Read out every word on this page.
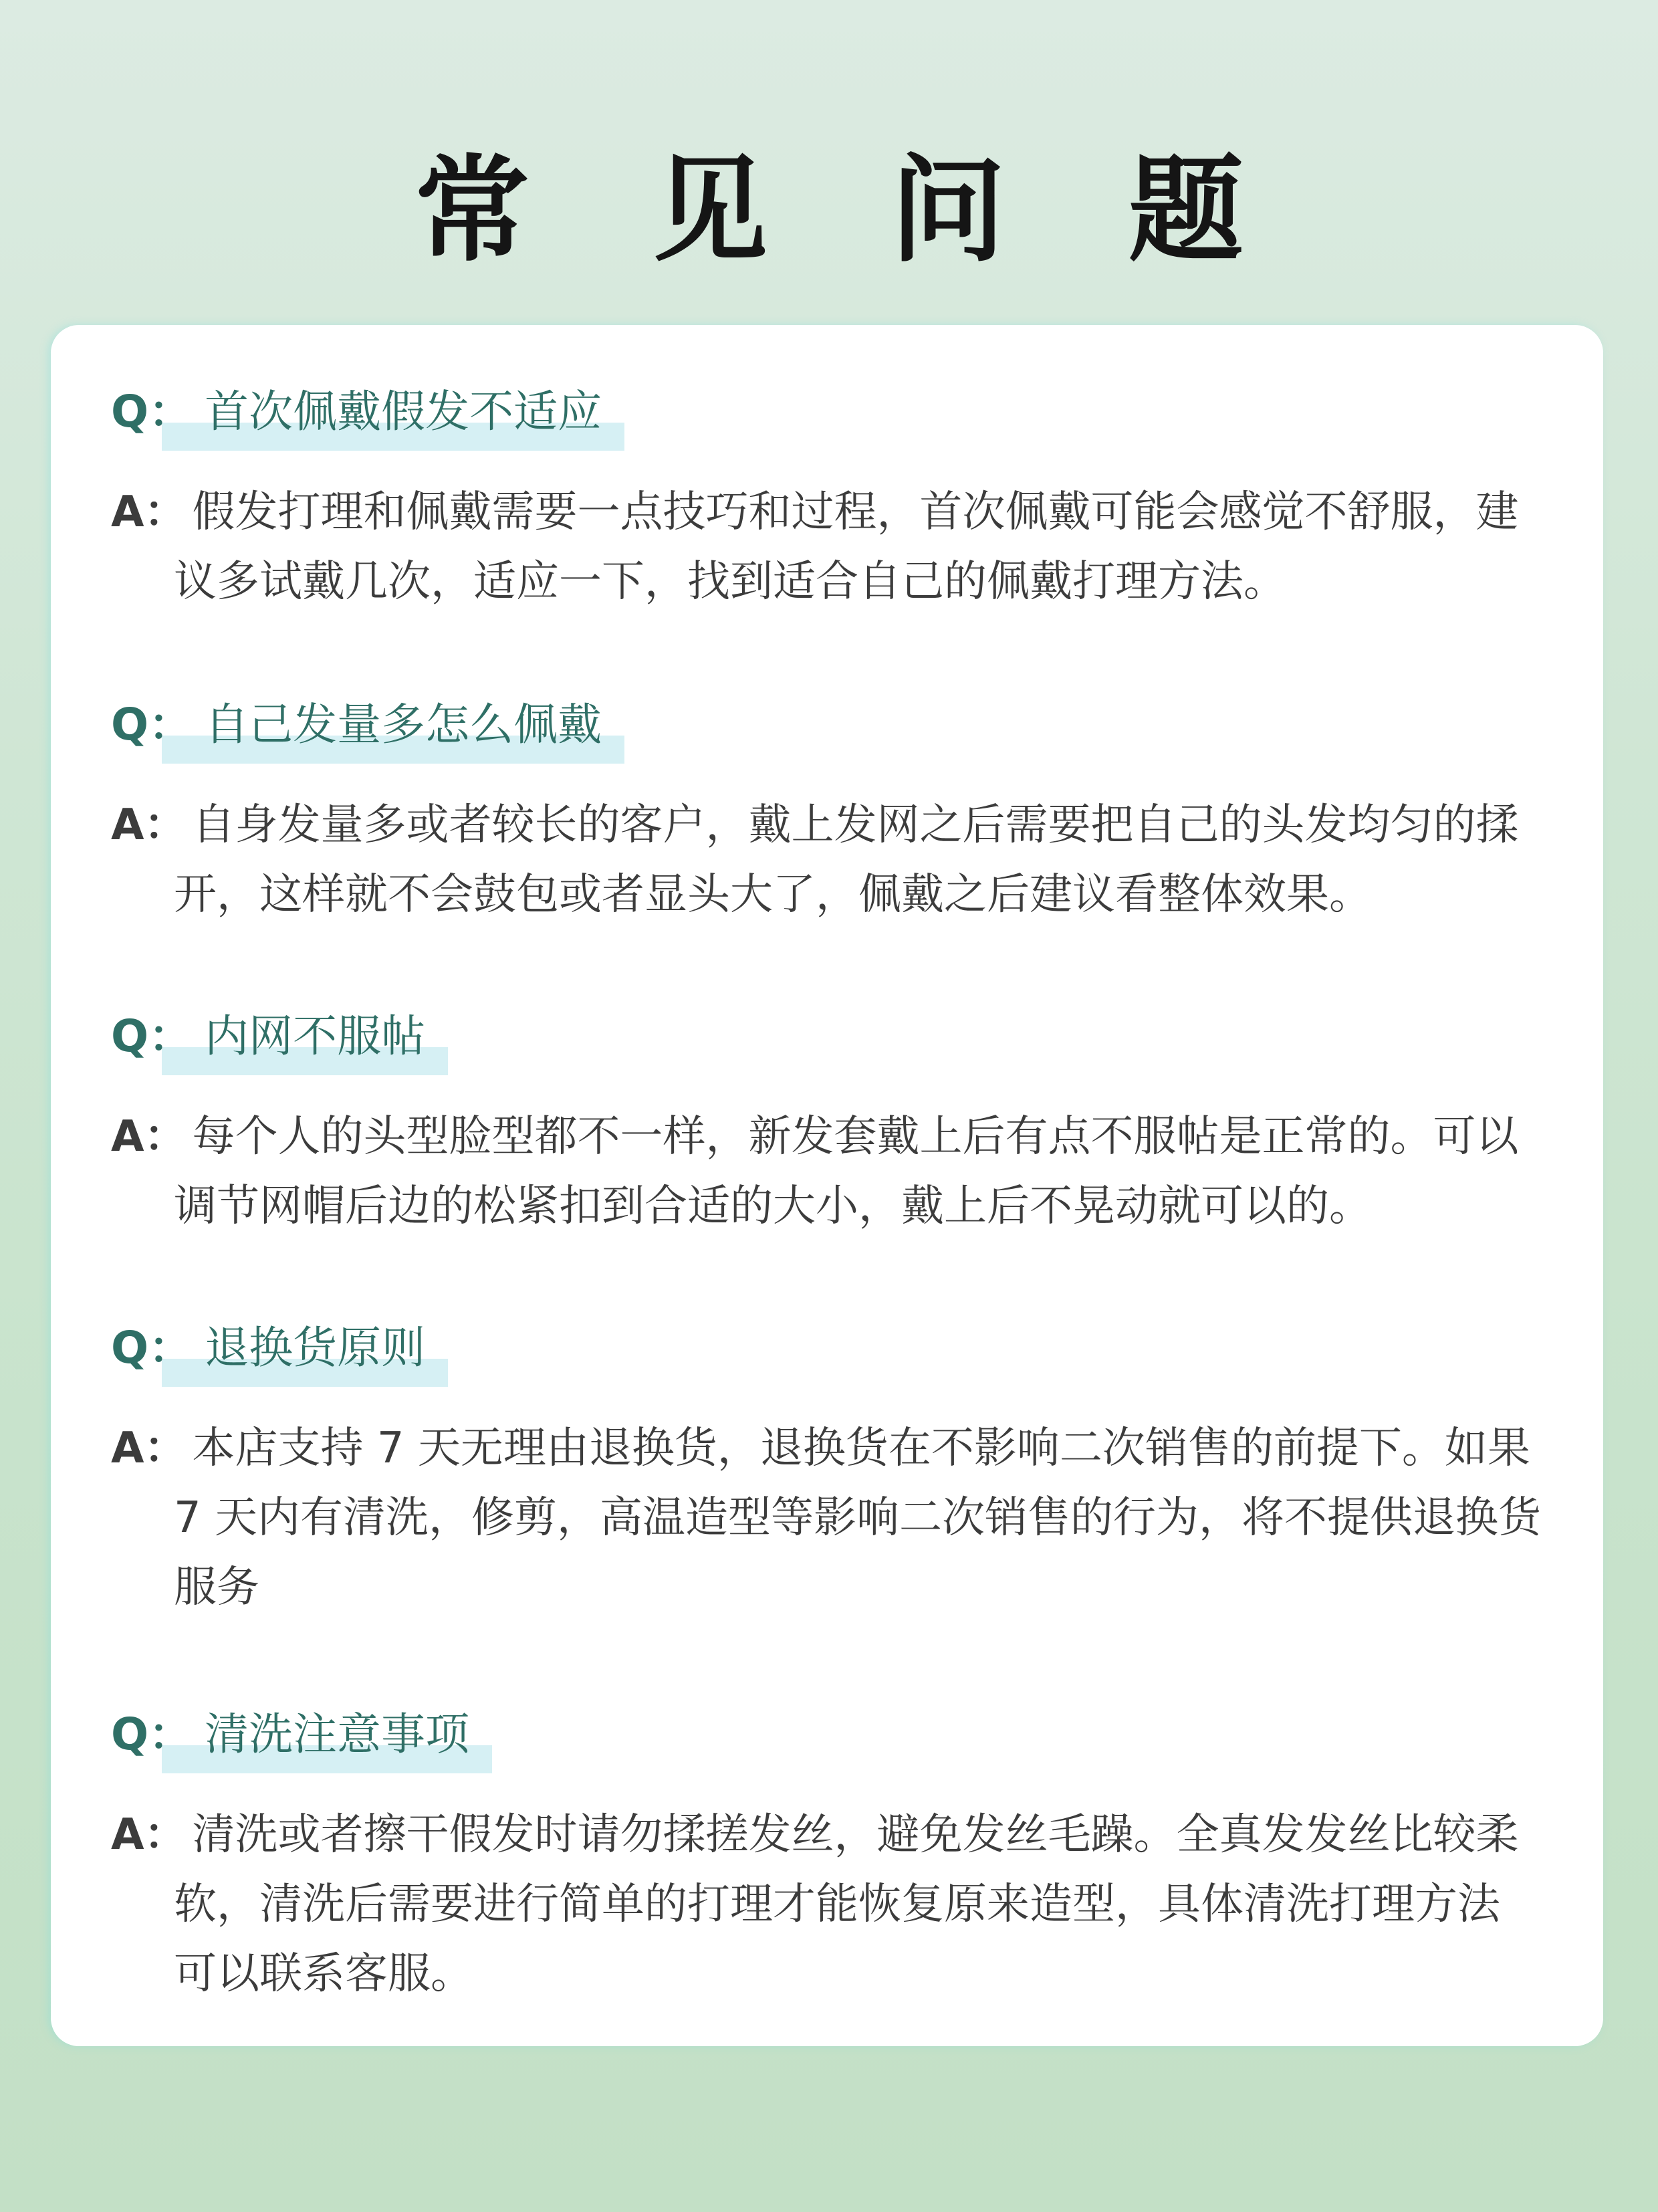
常 见 问 题
Q： 首次佩戴假发不适应
A： 假发打理和佩戴需要一点技巧和过程，首次佩戴可能会感觉不舒服，建议多试戴几次，适应一下，找到适合自己的佩戴打理方法。
Q： 自己发量多怎么佩戴
A： 自身发量多或者较长的客户，戴上发网之后需要把自己的头发均匀的揉开，这样就不会鼓包或者显头大了，佩戴之后建议看整体效果。
Q： 内网不服帖
A： 每个人的头型脸型都不一样，新发套戴上后有点不服帖是正常的。可以调节网帽后边的松紧扣到合适的大小，戴上后不晃动就可以的。
Q： 退换货原则
A： 本店支持 7 天无理由退换货，退换货在不影响二次销售的前提下。如果 7 天内有清洗，修剪，高温造型等影响二次销售的行为，将不提供退换货服务
Q： 清洗注意事项
A： 清洗或者擦干假发时请勿揉搓发丝，避免发丝毛躁。全真发发丝比较柔软，清洗后需要进行简单的打理才能恢复原来造型，具体清洗打理方法可以联系客服。
